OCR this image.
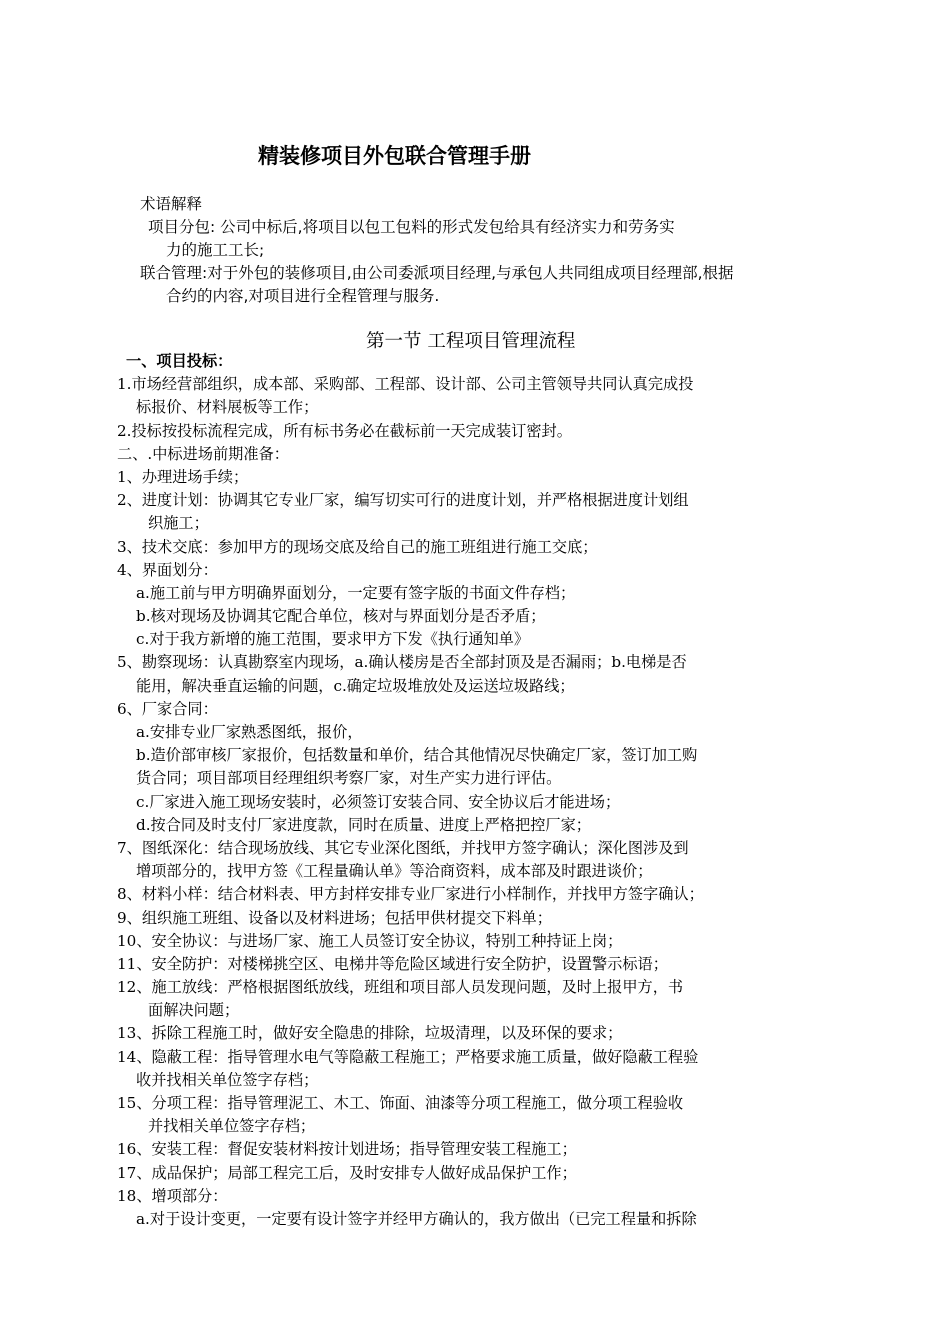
精装修项目外包联合管理手册
术语解释
项目分包: 公司中标后,将项目以包工包料的形式发包给具有经济实力和劳务实
力的施工工长;
联合管理:对于外包的装修项目,由公司委派项目经理,与承包人共同组成项目经理部,根据
合约的内容,对项目进行全程管理与服务.
第一节 工程项目管理流程
一、项目投标：
1.市场经营部组织，成本部、采购部、工程部、设计部、公司主管领导共同认真完成投
标报价、材料展板等工作；
2.投标按投标流程完成，所有标书务必在截标前一天完成装订密封。
二、.中标进场前期准备：
1、办理进场手续；
2、进度计划：协调其它专业厂家，编写切实可行的进度计划，并严格根据进度计划组
织施工；
3、技术交底：参加甲方的现场交底及给自己的施工班组进行施工交底；
4、界面划分：
a.施工前与甲方明确界面划分，一定要有签字版的书面文件存档；
b.核对现场及协调其它配合单位，核对与界面划分是否矛盾；
c.对于我方新增的施工范围，要求甲方下发《执行通知单》
5、勘察现场：认真勘察室内现场，a.确认楼房是否全部封顶及是否漏雨；b.电梯是否
能用，解决垂直运输的问题，c.确定垃圾堆放处及运送垃圾路线；
6、厂家合同：
a.安排专业厂家熟悉图纸，报价，
b.造价部审核厂家报价，包括数量和单价，结合其他情况尽快确定厂家，签订加工购
货合同；项目部项目经理组织考察厂家，对生产实力进行评估。
c.厂家进入施工现场安装时，必须签订安装合同、安全协议后才能进场；
d.按合同及时支付厂家进度款，同时在质量、进度上严格把控厂家；
7、图纸深化：结合现场放线、其它专业深化图纸，并找甲方签字确认；深化图涉及到
增项部分的，找甲方签《工程量确认单》等洽商资料，成本部及时跟进谈价；
8、材料小样：结合材料表、甲方封样安排专业厂家进行小样制作，并找甲方签字确认；
9、组织施工班组、设备以及材料进场；包括甲供材提交下料单；
10、安全协议：与进场厂家、施工人员签订安全协议，特别工种持证上岗；
11、安全防护：对楼梯挑空区、电梯井等危险区域进行安全防护，设置警示标语；
12、施工放线：严格根据图纸放线，班组和项目部人员发现问题，及时上报甲方，书
面解决问题；
13、拆除工程施工时，做好安全隐患的排除，垃圾清理，以及环保的要求；
14、隐蔽工程：指导管理水电气等隐蔽工程施工；严格要求施工质量，做好隐蔽工程验
收并找相关单位签字存档；
15、分项工程：指导管理泥工、木工、饰面、油漆等分项工程施工，做分项工程验收
并找相关单位签字存档；
16、安装工程：督促安装材料按计划进场；指导管理安装工程施工；
17、成品保护；局部工程完工后，及时安排专人做好成品保护工作；
18、增项部分：
a.对于设计变更，一定要有设计签字并经甲方确认的，我方做出（已完工程量和拆除
